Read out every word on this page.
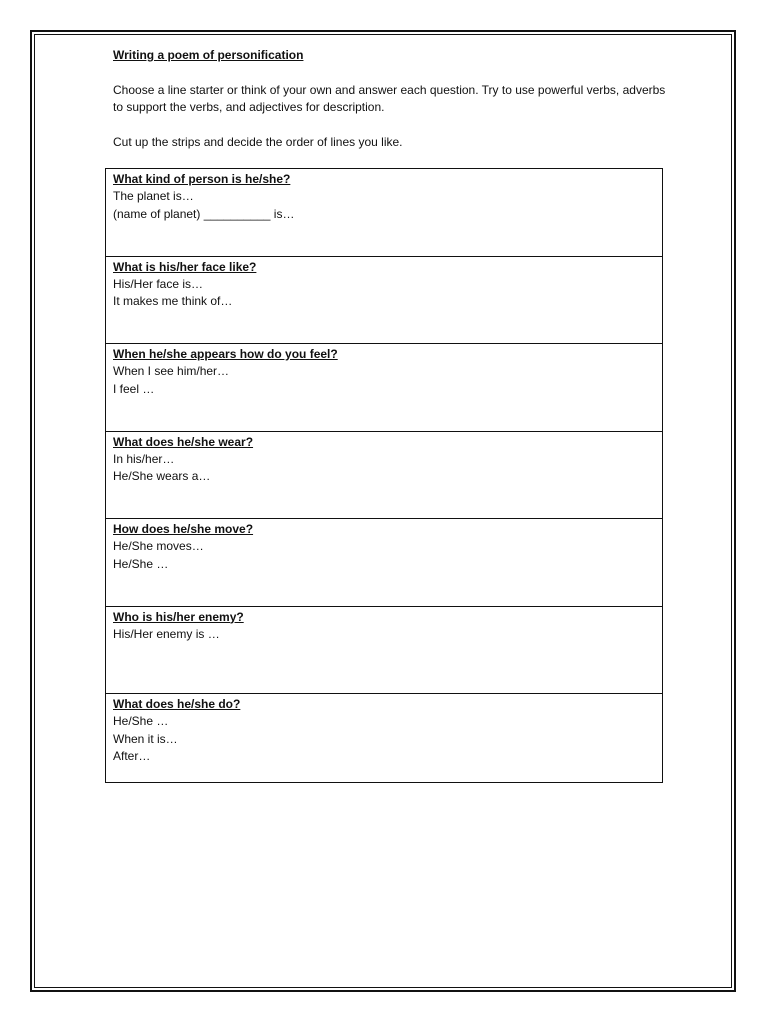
Writing a poem of personification

Choose a line starter or think of your own and answer each question. Try to use powerful verbs, adverbs to support the verbs, and adjectives for description.

Cut up the strips and decide the order of lines you like.

What kind of person is he/she?

The planet is…

(name of planet) __________ is…

What is his/her face like?

His/Her face is…

It makes me think of…

When he/she appears how do you feel?

When I see him/her…

I feel …

What does he/she wear?

In his/her…

He/She wears a…

How does he/she move?

He/She moves…

He/She …

Who is his/her enemy?

His/Her enemy is …

What does he/she do?

He/She …

When it is…

After…
